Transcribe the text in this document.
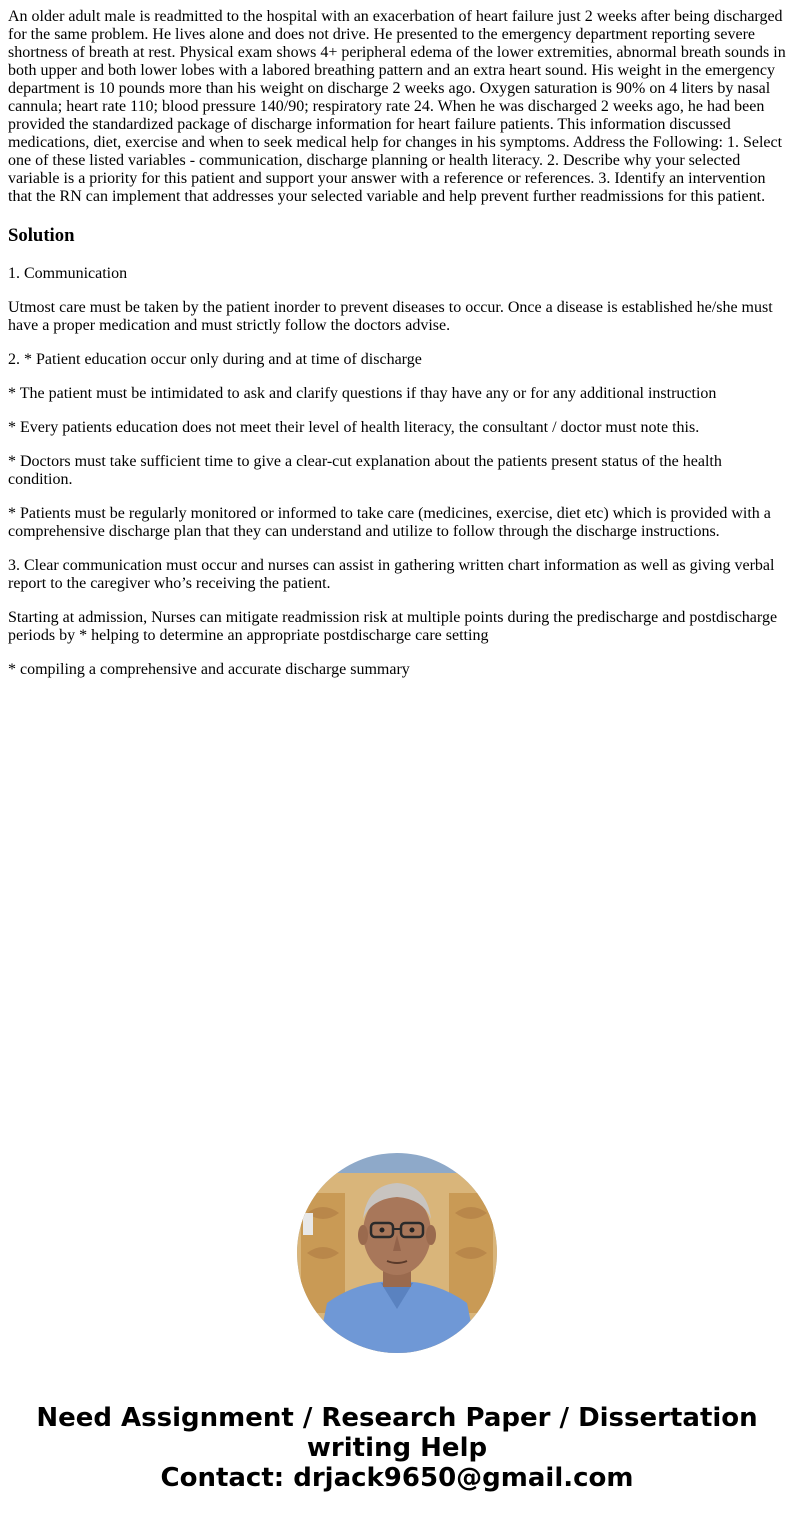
An older adult male is readmitted to the hospital with an exacerbation of heart failure just 2 weeks after being discharged for the same problem. He lives alone and does not drive. He presented to the emergency department reporting severe shortness of breath at rest. Physical exam shows 4+ peripheral edema of the lower extremities, abnormal breath sounds in both upper and both lower lobes with a labored breathing pattern and an extra heart sound. His weight in the emergency department is 10 pounds more than his weight on discharge 2 weeks ago. Oxygen saturation is 90% on 4 liters by nasal cannula; heart rate 110; blood pressure 140/90; respiratory rate 24. When he was discharged 2 weeks ago, he had been provided the standardized package of discharge information for heart failure patients. This information discussed medications, diet, exercise and when to seek medical help for changes in his symptoms. Address the Following: 1. Select one of these listed variables - communication, discharge planning or health literacy. 2. Describe why your selected variable is a priority for this patient and support your answer with a reference or references. 3. Identify an intervention that the RN can implement that addresses your selected variable and help prevent further readmissions for this patient.

Solution

1. Communication

Utmost care must be taken by the patient inorder to prevent diseases to occur. Once a disease is established he/she must have a proper medication and must strictly follow the doctors advise.

2. * Patient education occur only during and at time of discharge

* The patient must be intimidated to ask and clarify questions if thay have any or for any additional instruction

* Every patients education does not meet their level of health literacy, the consultant / doctor must note this.

* Doctors must take sufficient time to give a clear-cut explanation about the patients present status of the health condition.

* Patients must be regularly monitored or informed to take care (medicines, exercise, diet etc) which is provided with a comprehensive discharge plan that they can understand and utilize to follow through the discharge instructions.

3. Clear communication must occur and nurses can assist in gathering written chart information as well as giving verbal report to the caregiver who’s receiving the patient.

Starting at admission, Nurses can mitigate readmission risk at multiple points during the predischarge and postdischarge periods by * helping to determine an appropriate postdischarge care setting

* compiling a comprehensive and accurate discharge summary

Need Assignment / Research Paper / Dissertation
writing Help
Contact: drjack9650@gmail.com
